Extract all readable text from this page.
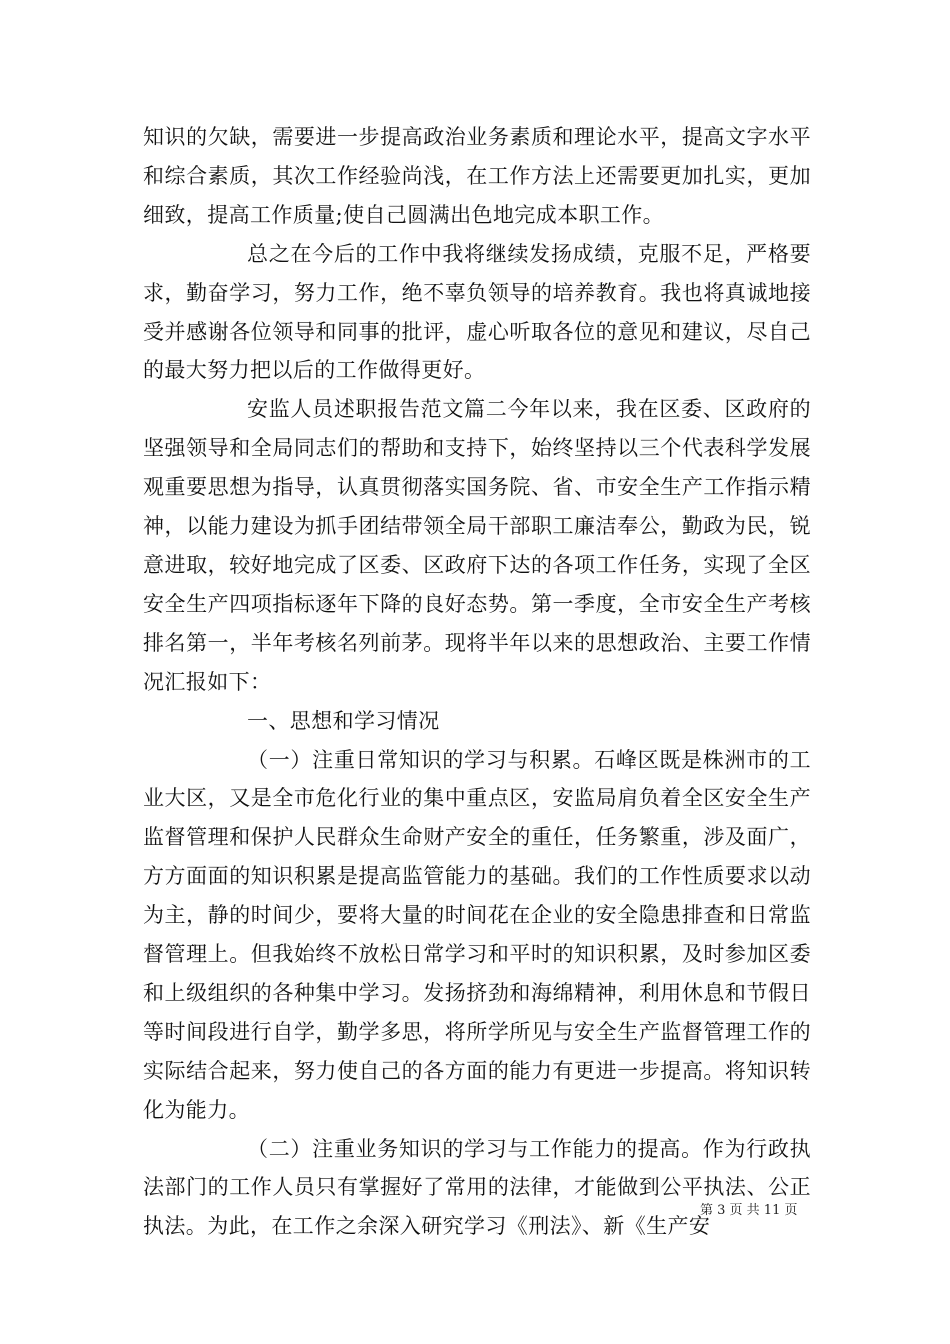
知识的欠缺，需要进一步提高政治业务素质和理论水平，提高文字水平和综合素质，其次工作经验尚浅，在工作方法上还需要更加扎实，更加细致，提高工作质量;使自己圆满出色地完成本职工作。

总之在今后的工作中我将继续发扬成绩，克服不足，严格要求，勤奋学习，努力工作，绝不辜负领导的培养教育。我也将真诚地接受并感谢各位领导和同事的批评，虚心听取各位的意见和建议，尽自己的最大努力把以后的工作做得更好。

安监人员述职报告范文篇二今年以来，我在区委、区政府的坚强领导和全局同志们的帮助和支持下，始终坚持以三个代表科学发展观重要思想为指导，认真贯彻落实国务院、省、市安全生产工作指示精神，以能力建设为抓手团结带领全局干部职工廉洁奉公，勤政为民，锐意进取，较好地完成了区委、区政府下达的各项工作任务，实现了全区安全生产四项指标逐年下降的良好态势。第一季度，全市安全生产考核排名第一，半年考核名列前茅。现将半年以来的思想政治、主要工作情况汇报如下：

一、思想和学习情况

（一）注重日常知识的学习与积累。石峰区既是株洲市的工业大区，又是全市危化行业的集中重点区，安监局肩负着全区安全生产监督管理和保护人民群众生命财产安全的重任，任务繁重，涉及面广，方方面面的知识积累是提高监管能力的基础。我们的工作性质要求以动为主，静的时间少，要将大量的时间花在企业的安全隐患排查和日常监督管理上。但我始终不放松日常学习和平时的知识积累，及时参加区委和上级组织的各种集中学习。发扬挤劲和海绵精神，利用休息和节假日等时间段进行自学，勤学多思，将所学所见与安全生产监督管理工作的实际结合起来，努力使自己的各方面的能力有更进一步提高。将知识转化为能力。

（二）注重业务知识的学习与工作能力的提高。作为行政执法部门的工作人员只有掌握好了常用的法律，才能做到公平执法、公正执法。为此，在工作之余深入研究学习《刑法》、新《生产安

第 3 页 共 11 页
